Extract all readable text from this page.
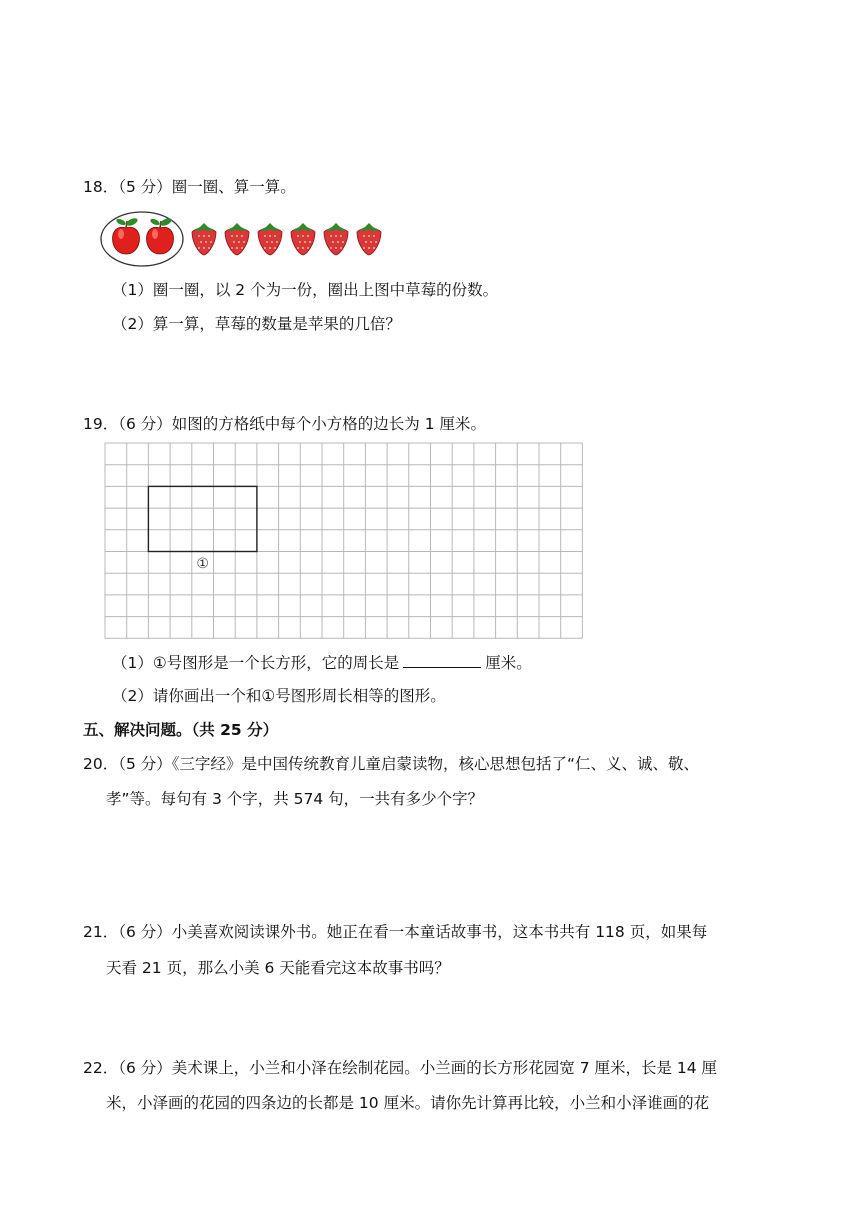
18．（5 分）圈一圈、算一算。
（1）圈一圈，以 2 个为一份，圈出上图中草莓的份数。
（2）算一算，草莓的数量是苹果的几倍？
19．（6 分）如图的方格纸中每个小方格的边长为 1 厘米。
①
（1）①号图形是一个长方形，它的周长是	厘米。
（2）请你画出一个和①号图形周长相等的图形。
五、解决问题。（共 25 分）
20．（5 分）《三字经》是中国传统教育儿童启蒙读物，核心思想包括了“仁、义、诚、敬、
孝”等。每句有 3 个字，共 574 句，一共有多少个字？
21．（6 分）小美喜欢阅读课外书。她正在看一本童话故事书，这本书共有 118 页，如果每
天看 21 页，那么小美 6 天能看完这本故事书吗？
22．（6 分）美术课上，小兰和小泽在绘制花园。小兰画的长方形花园宽 7 厘米，长是 14 厘
米，小泽画的花园的四条边的长都是 10 厘米。请你先计算再比较，小兰和小泽谁画的花
